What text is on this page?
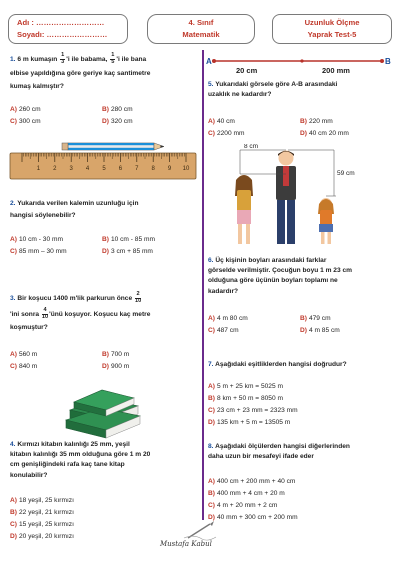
Adı : ………………………
Soyadı: ……………………
4. Sınıf
Matematik
Uzunluk Ölçme
Yaprak Test-5
1. 6 m kumaşın $\frac{1}{3}$ 'i ile babama, $\frac{1}{5}$ 'i ile bana
elbise yapıldığına göre geriye kaç santimetre
kumaş kalmıştır?
A) 260 cm	B) 280 cm
C) 300 cm	D) 320 cm
1 2 3 4 5 6 7 8 9 10
2. Yukarıda verilen kalemin uzunluğu için
hangisi söylenebilir?
A) 10 cm - 30 mm	B) 10 cm - 85 mm
C) 85 mm – 30 mm	D) 3 cm + 85 mm
3. Bir koşucu 1400 m'lik parkurun önce $\frac{2}{10}$
'ini sonra $\frac{4}{10}$ 'ünü koşuyor. Koşucu kaç metre
koşmuştur?
A) 560 m	B) 700 m
C) 840 m	D) 900 m
4. Kırmızı kitabın kalınlığı 25 mm, yeşil
kitabın kalınlığı 35 mm olduğuna göre 1 m 20
cm genişliğindeki rafa kaç tane kitap
konulabilir?
A) 18 yeşil, 25 kırmızı
B) 22 yeşil, 21 kırmızı
C) 15 yeşil, 25 kırmızı
D) 20 yeşil, 20 kırmızı
A	B
20 cm	200 mm
5. Yukarıdaki görsele göre A-B arasındaki
uzaklık ne kadardır?
A) 40 cm	B) 220 mm
C) 2200 mm	D) 40 cm 20 mm
8 cm
59 cm
6. Üç kişinin boyları arasındaki farklar
görselde verilmiştir. Çocuğun boyu 1 m 23 cm
olduğuna göre üçünün boyları toplamı ne
kadardır?
A) 4 m 80 cm	B) 479 cm
C) 487 cm	D) 4 m 85 cm
7. Aşağıdaki eşitliklerden hangisi doğrudur?
A) 5 m + 25 km = 5025 m
B) 8 km + 50 m = 8050 m
C) 23 cm + 23 mm = 2323 mm
D) 135 km + 5 m = 13505 m
8. Aşağıdaki ölçülerden hangisi diğerlerinden
daha uzun bir mesafeyi ifade eder
A) 400 cm + 200 mm + 40 cm
B) 400 mm + 4 cm + 20 m
C) 4 m + 20 mm + 2 cm
D) 40 mm + 300 cm + 200 mm
Mustafa Kabul
